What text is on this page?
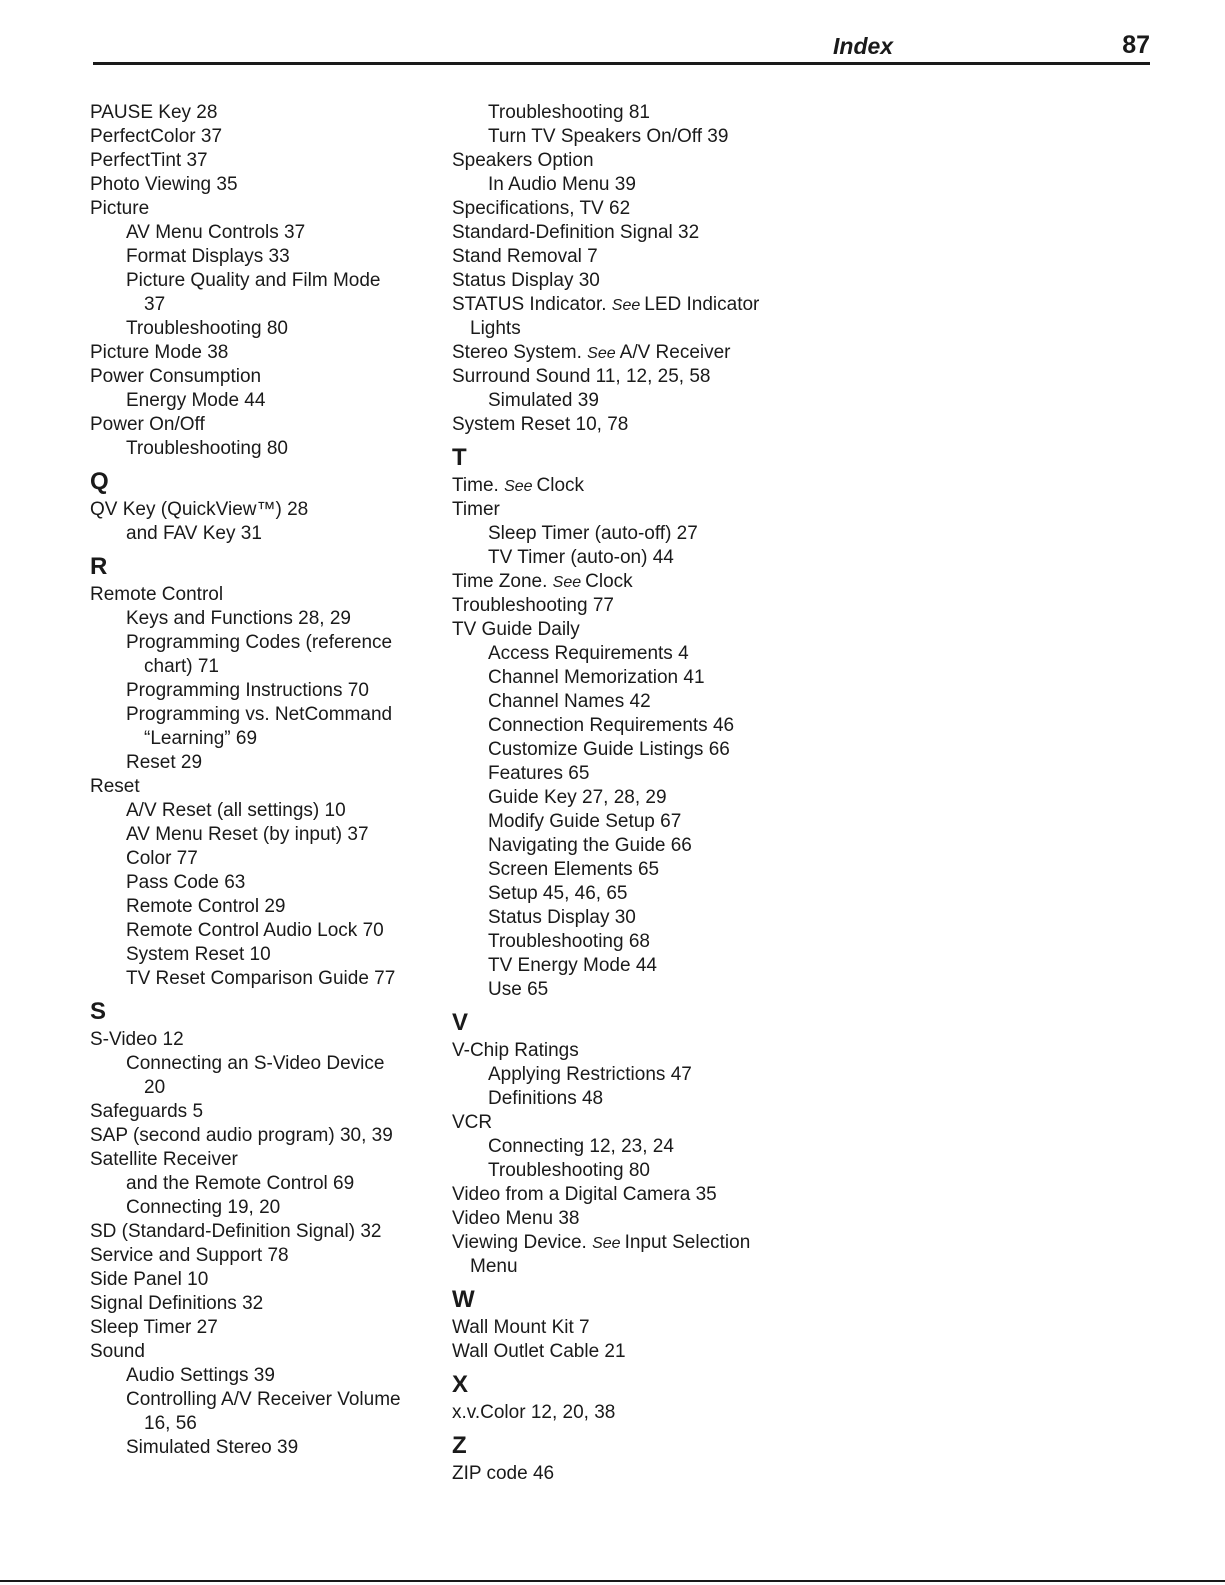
Index	87
PAUSE Key 28
PerfectColor 37
PerfectTint 37
Photo Viewing 35
Picture
AV Menu Controls 37
Format Displays 33
Picture Quality and Film Mode
37
Troubleshooting 80
Picture Mode 38
Power Consumption
Energy Mode 44
Power On/Off
Troubleshooting 80
Q
QV Key (QuickView™) 28
and FAV Key 31
R
Remote Control
Keys and Functions 28, 29
Programming Codes (reference
chart) 71
Programming Instructions 70
Programming vs. NetCommand
“Learning” 69
Reset 29
Reset
A/V Reset (all settings) 10
AV Menu Reset (by input) 37
Color 77
Pass Code 63
Remote Control 29
Remote Control Audio Lock 70
System Reset 10
TV Reset Comparison Guide 77
S
S-Video 12
Connecting an S-Video Device
20
Safeguards 5
SAP (second audio program) 30, 39
Satellite Receiver
and the Remote Control 69
Connecting 19, 20
SD (Standard-Definition Signal) 32
Service and Support 78
Side Panel 10
Signal Definitions 32
Sleep Timer 27
Sound
Audio Settings 39
Controlling A/V Receiver Volume
16, 56
Simulated Stereo 39
Troubleshooting 81
Turn TV Speakers On/Off 39
Speakers Option
In Audio Menu 39
Specifications, TV 62
Standard-Definition Signal 32
Stand Removal 7
Status Display 30
STATUS Indicator. See LED Indicator
Lights
Stereo System. See A/V Receiver
Surround Sound 11, 12, 25, 58
Simulated 39
System Reset 10, 78
T
Time. See Clock
Timer
Sleep Timer (auto-off) 27
TV Timer (auto-on) 44
Time Zone. See Clock
Troubleshooting 77
TV Guide Daily
Access Requirements 4
Channel Memorization 41
Channel Names 42
Connection Requirements 46
Customize Guide Listings 66
Features 65
Guide Key 27, 28, 29
Modify Guide Setup 67
Navigating the Guide 66
Screen Elements 65
Setup 45, 46, 65
Status Display 30
Troubleshooting 68
TV Energy Mode 44
Use 65
V
V-Chip Ratings
Applying Restrictions 47
Definitions 48
VCR
Connecting 12, 23, 24
Troubleshooting 80
Video from a Digital Camera 35
Video Menu 38
Viewing Device. See Input Selection
Menu
W
Wall Mount Kit 7
Wall Outlet Cable 21
X
x.v.Color 12, 20, 38
Z
ZIP code 46
